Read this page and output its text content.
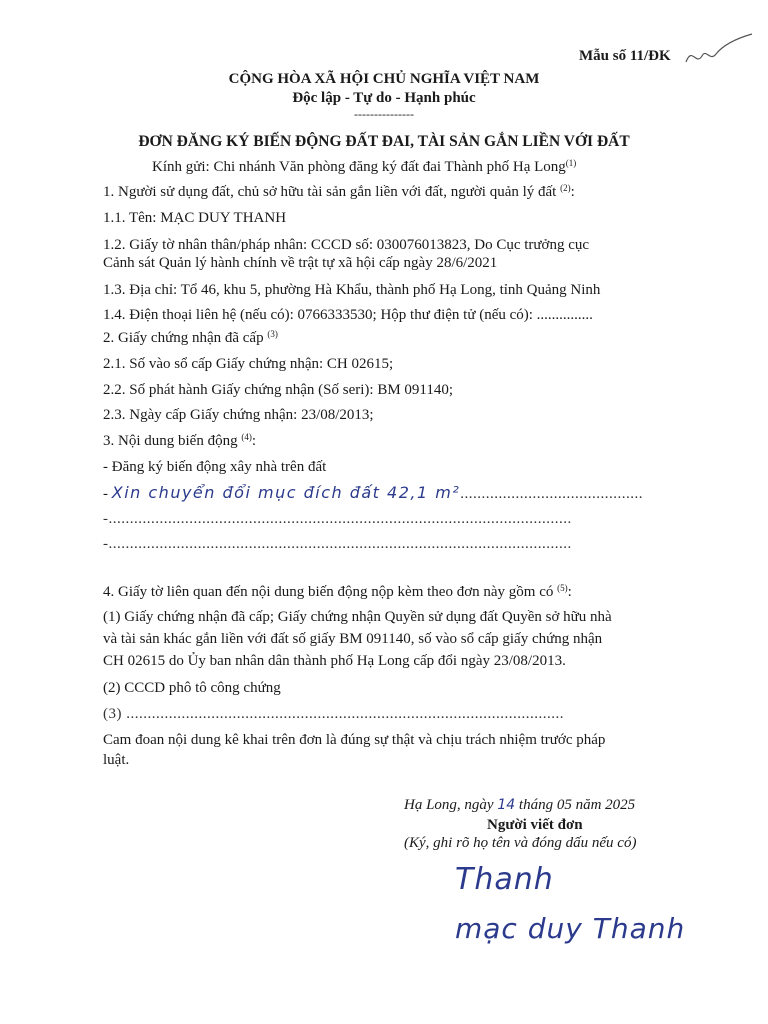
Mẫu số 11/ĐK
CỘNG HÒA XÃ HỘI CHỦ NGHĨA VIỆT NAM
Độc lập - Tự do - Hạnh phúc
---------------
ĐƠN ĐĂNG KÝ BIẾN ĐỘNG ĐẤT ĐAI, TÀI SẢN GẮN LIỀN VỚI ĐẤT
Kính gửi: Chi nhánh Văn phòng đăng ký đất đai Thành phố Hạ Long$^{(1)}$
1. Người sử dụng đất, chủ sở hữu tài sản gắn liền với đất, người quản lý đất $^{(2)}$:
1.1. Tên: MẠC DUY THANH
1.2. Giấy tờ nhân thân/pháp nhân: CCCD số: 030076013823, Do Cục trưởng cục
Cảnh sát Quản lý hành chính về trật tự xã hội cấp ngày 28/6/2021
1.3. Địa chỉ: Tổ 46, khu 5, phường Hà Khẩu, thành phố Hạ Long, tỉnh Quảng Ninh
1.4. Điện thoại liên hệ (nếu có): 0766333530; Hộp thư điện tử (nếu có): ...............
2. Giấy chứng nhận đã cấp $^{(3)}$
2.1. Số vào sổ cấp Giấy chứng nhận: CH 02615;
2.2. Số phát hành Giấy chứng nhận (Số seri): BM 091140;
2.3. Ngày cấp Giấy chứng nhận: 23/08/2013;
3. Nội dung biến động $^{(4)}$:
- Đăng ký biến động xây nhà trên đất
- Xin chuyển đổi mục đích đất 42,1 m²...........................................
-.............................................................................................................
-.............................................................................................................
4. Giấy tờ liên quan đến nội dung biến động nộp kèm theo đơn này gồm có $^{(5)}$:
(1) Giấy chứng nhận đã cấp; Giấy chứng nhận Quyền sử dụng đất Quyền sở hữu nhà
và tài sản khác gắn liền với đất số giấy BM 091140, số vào sổ cấp giấy chứng nhận
CH 02615 do Ủy ban nhân dân thành phố Hạ Long cấp đổi ngày 23/08/2013.
(2) CCCD phô tô công chứng
(3) .......................................................................................................
Cam đoan nội dung kê khai trên đơn là đúng sự thật và chịu trách nhiệm trước pháp
luật.
Hạ Long, ngày 14 tháng 05 năm 2025
Người viết đơn
(Ký, ghi rõ họ tên và đóng dấu nếu có)
Thanh
mạc duy Thanh
